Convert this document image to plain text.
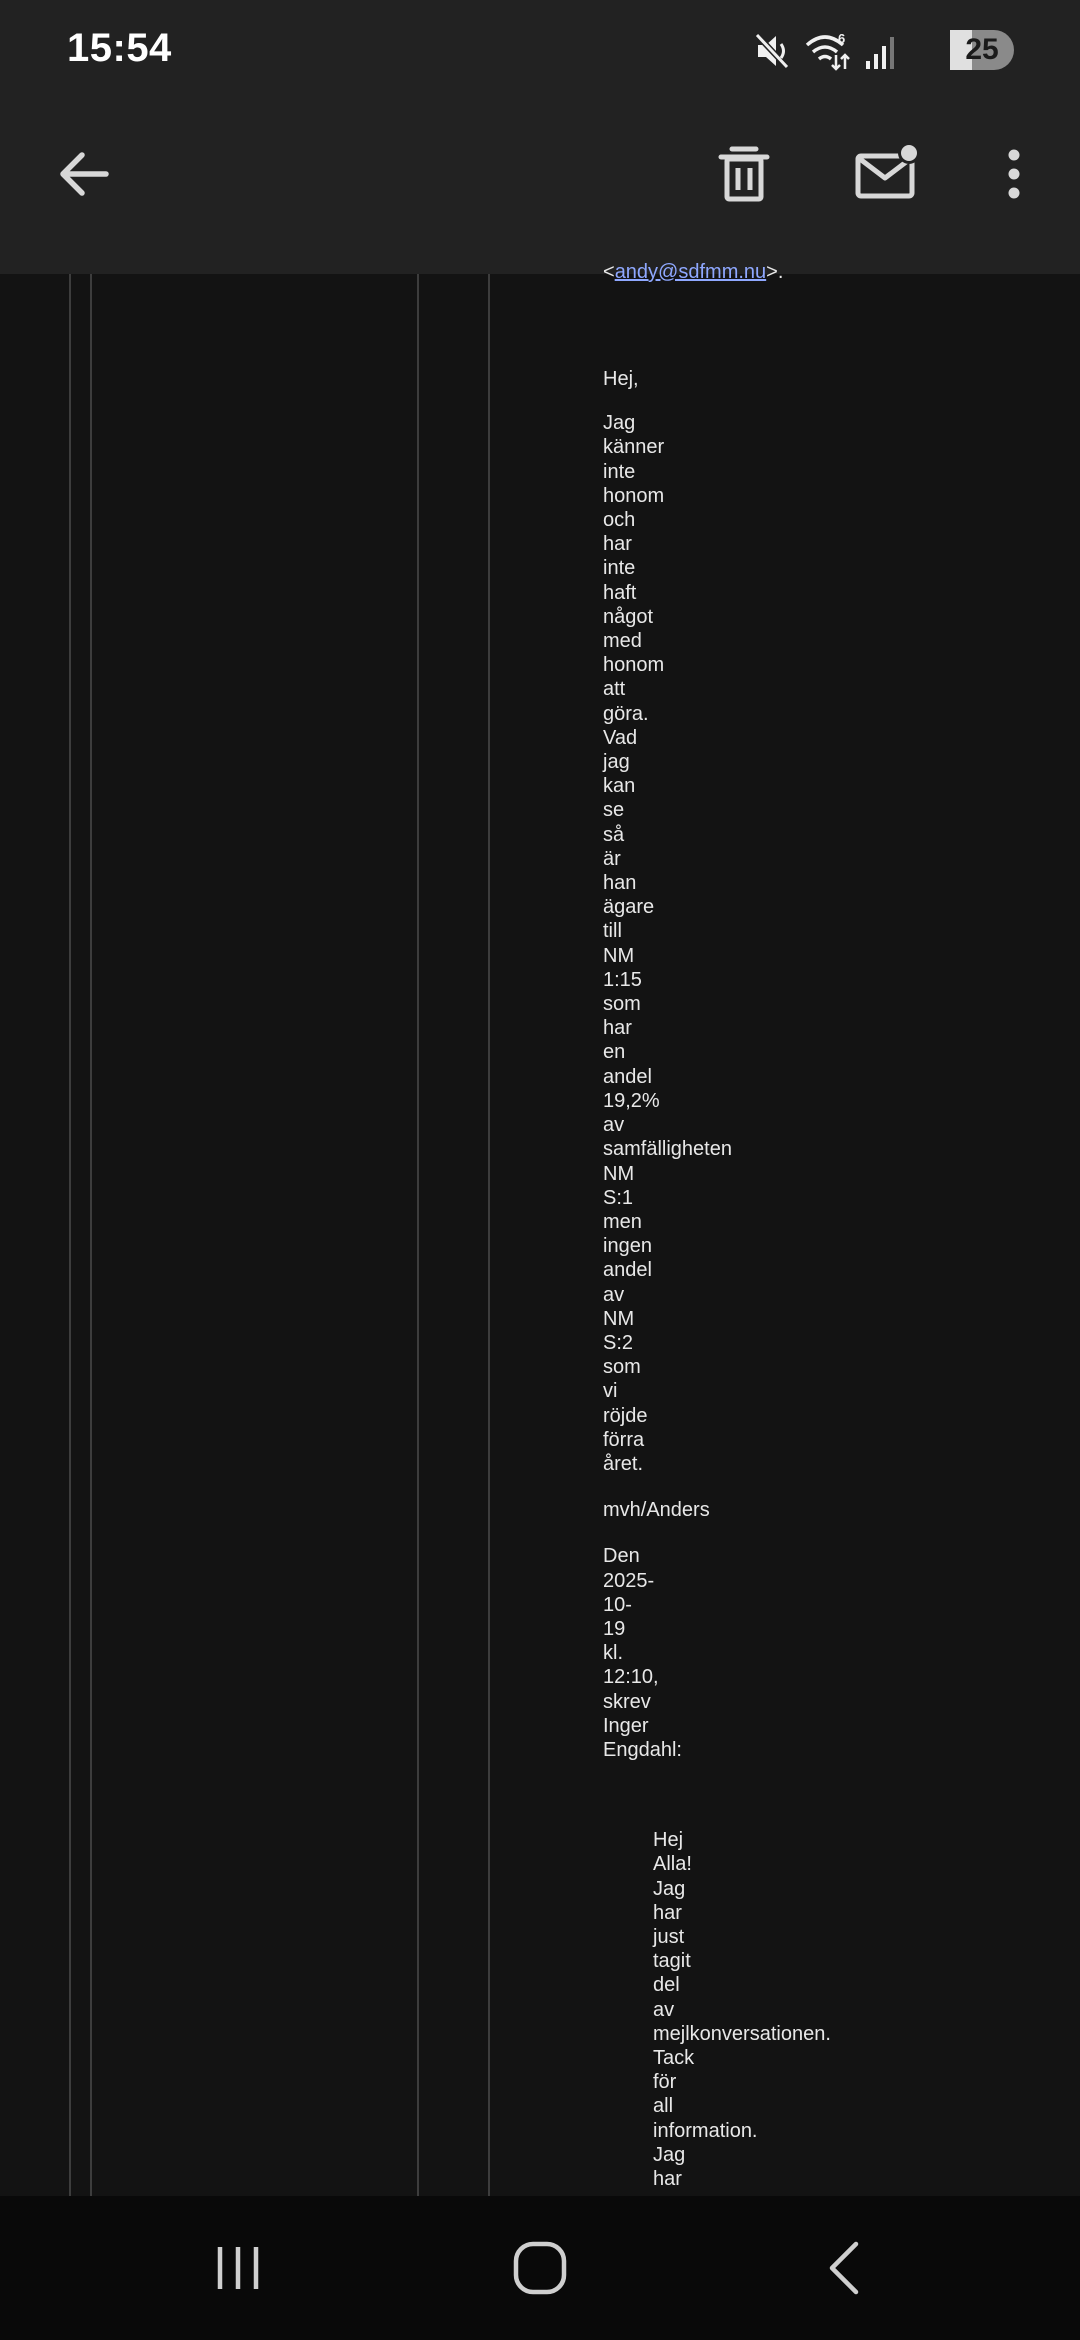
15:54	6	25

<andy@sdfmm.nu>.

Hej,

Jag
känner
inte
honom
och
har
inte
haft
något
med
honom
att
göra.
Vad
jag
kan
se
så
är
han
ägare
till
NM
1:15
som
har
en
andel
19,2%
av
samfälligheten
NM
S:1
men
ingen
andel
av
NM
S:2
som
vi
röjde
förra
året.

mvh/Anders

Den
2025-
10-
19
kl.
12:10,
skrev
Inger
Engdahl:
Hej
Alla!
Jag
har
just
tagit
del
av
mejlkonversationen.
Tack
för
all
information.
Jag
har
